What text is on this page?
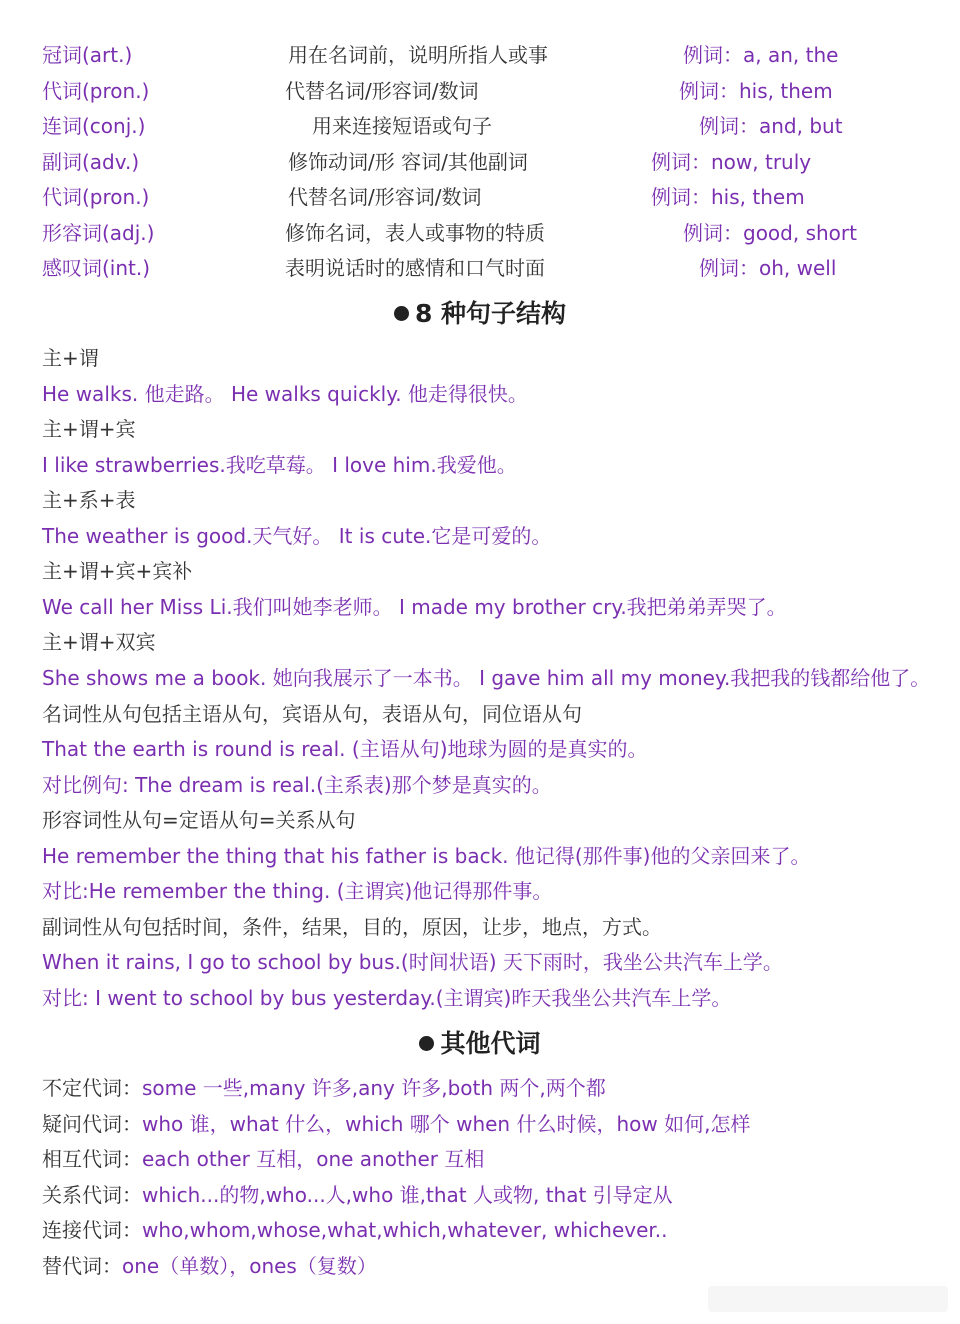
冠词(art.)	用在名词前，说明所指人或事	例词：a, an, the
代词(pron.)	代替名词/形容词/数词	例词：his, them
连词(conj.)	用来连接短语或句子	例词：and, but
副词(adv.)	修饰动词/形 容词/其他副词	例词：now, truly
代词(pron.)	代替名词/形容词/数词	例词：his, them
形容词(adj.)	修饰名词，表人或事物的特质	例词：good, short
感叹词(int.)	表明说话时的感情和口气时面	例词：oh, well
8 种句子结构
主+谓
He walks. 他走路。 He walks quickly. 他走得很快。
主+谓+宾
I like strawberries.我吃草莓。 I love him.我爱他。
主+系+表
The weather is good.天气好。 It is cute.它是可爱的。
主+谓+宾+宾补
We call her Miss Li.我们叫她李老师。 I made my brother cry.我把弟弟弄哭了。
主+谓+双宾
She shows me a book. 她向我展示了一本书。 I gave him all my money.我把我的钱都给他了。
名词性从句包括主语从句，宾语从句，表语从句，同位语从句
That the earth is round is real. (主语从句)地球为圆的是真实的。
对比例句: The dream is real.(主系表)那个梦是真实的。
形容词性从句=定语从句=关系从句
He remember the thing that his father is back. 他记得(那件事)他的父亲回来了。
对比:He remember the thing. (主谓宾)他记得那件事。
副词性从句包括时间，条件，结果，目的，原因，让步，地点，方式。
When it rains, I go to school by bus.(时间状语) 天下雨时，我坐公共汽车上学。
对比: I went to school by bus yesterday.(主谓宾)昨天我坐公共汽车上学。
其他代词
不定代词：some 一些,many 许多,any 许多,both 两个,两个都
疑问代词：who 谁，what 什么，which 哪个 when 什么时候，how 如何,怎样
相互代词：each other 互相，one another 互相
关系代词：which...的物,who...人,who 谁,that 人或物, that 引导定从
连接代词：who,whom,whose,what,which,whatever, whichever..
替代词：one（单数），ones（复数）
